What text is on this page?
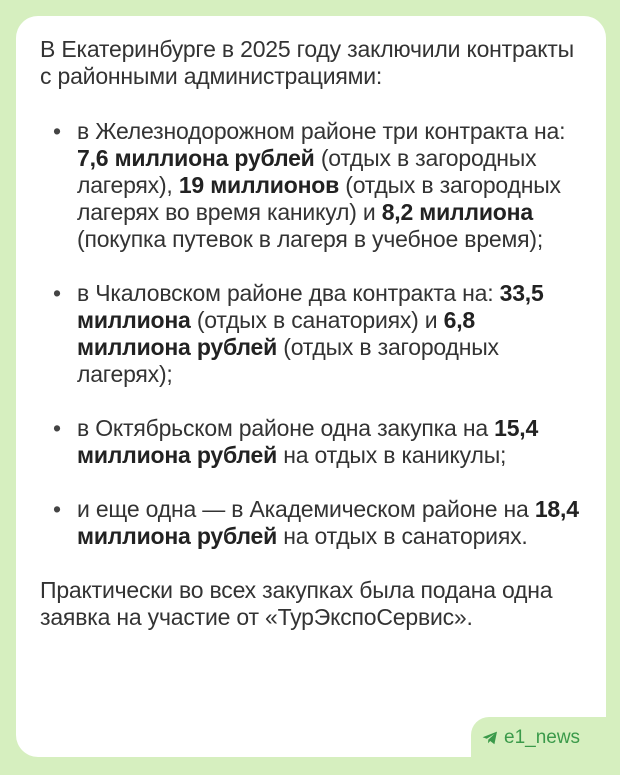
В Екатеринбурге в 2025 году заключили контракты с районными администрациями:

• в Железнодорожном районе три контракта на: 7,6 миллиона рублей (отдых в загородных лагерях), 19 миллионов (отдых в загородных лагерях во время каникул) и 8,2 миллиона (покупка путевок в лагеря в учебное время);
• в Чкаловском районе два контракта на: 33,5 миллиона (отдых в санаториях) и 6,8 миллиона рублей (отдых в загородных лагерях);
• в Октябрьском районе одна закупка на 15,4 миллиона рублей на отдых в каникулы;
• и еще одна — в Академическом районе на 18,4 миллиона рублей на отдых в санаториях.

Практически во всех закупках была подана одна заявка на участие от «ТурЭкспоСервис».

e1_news
